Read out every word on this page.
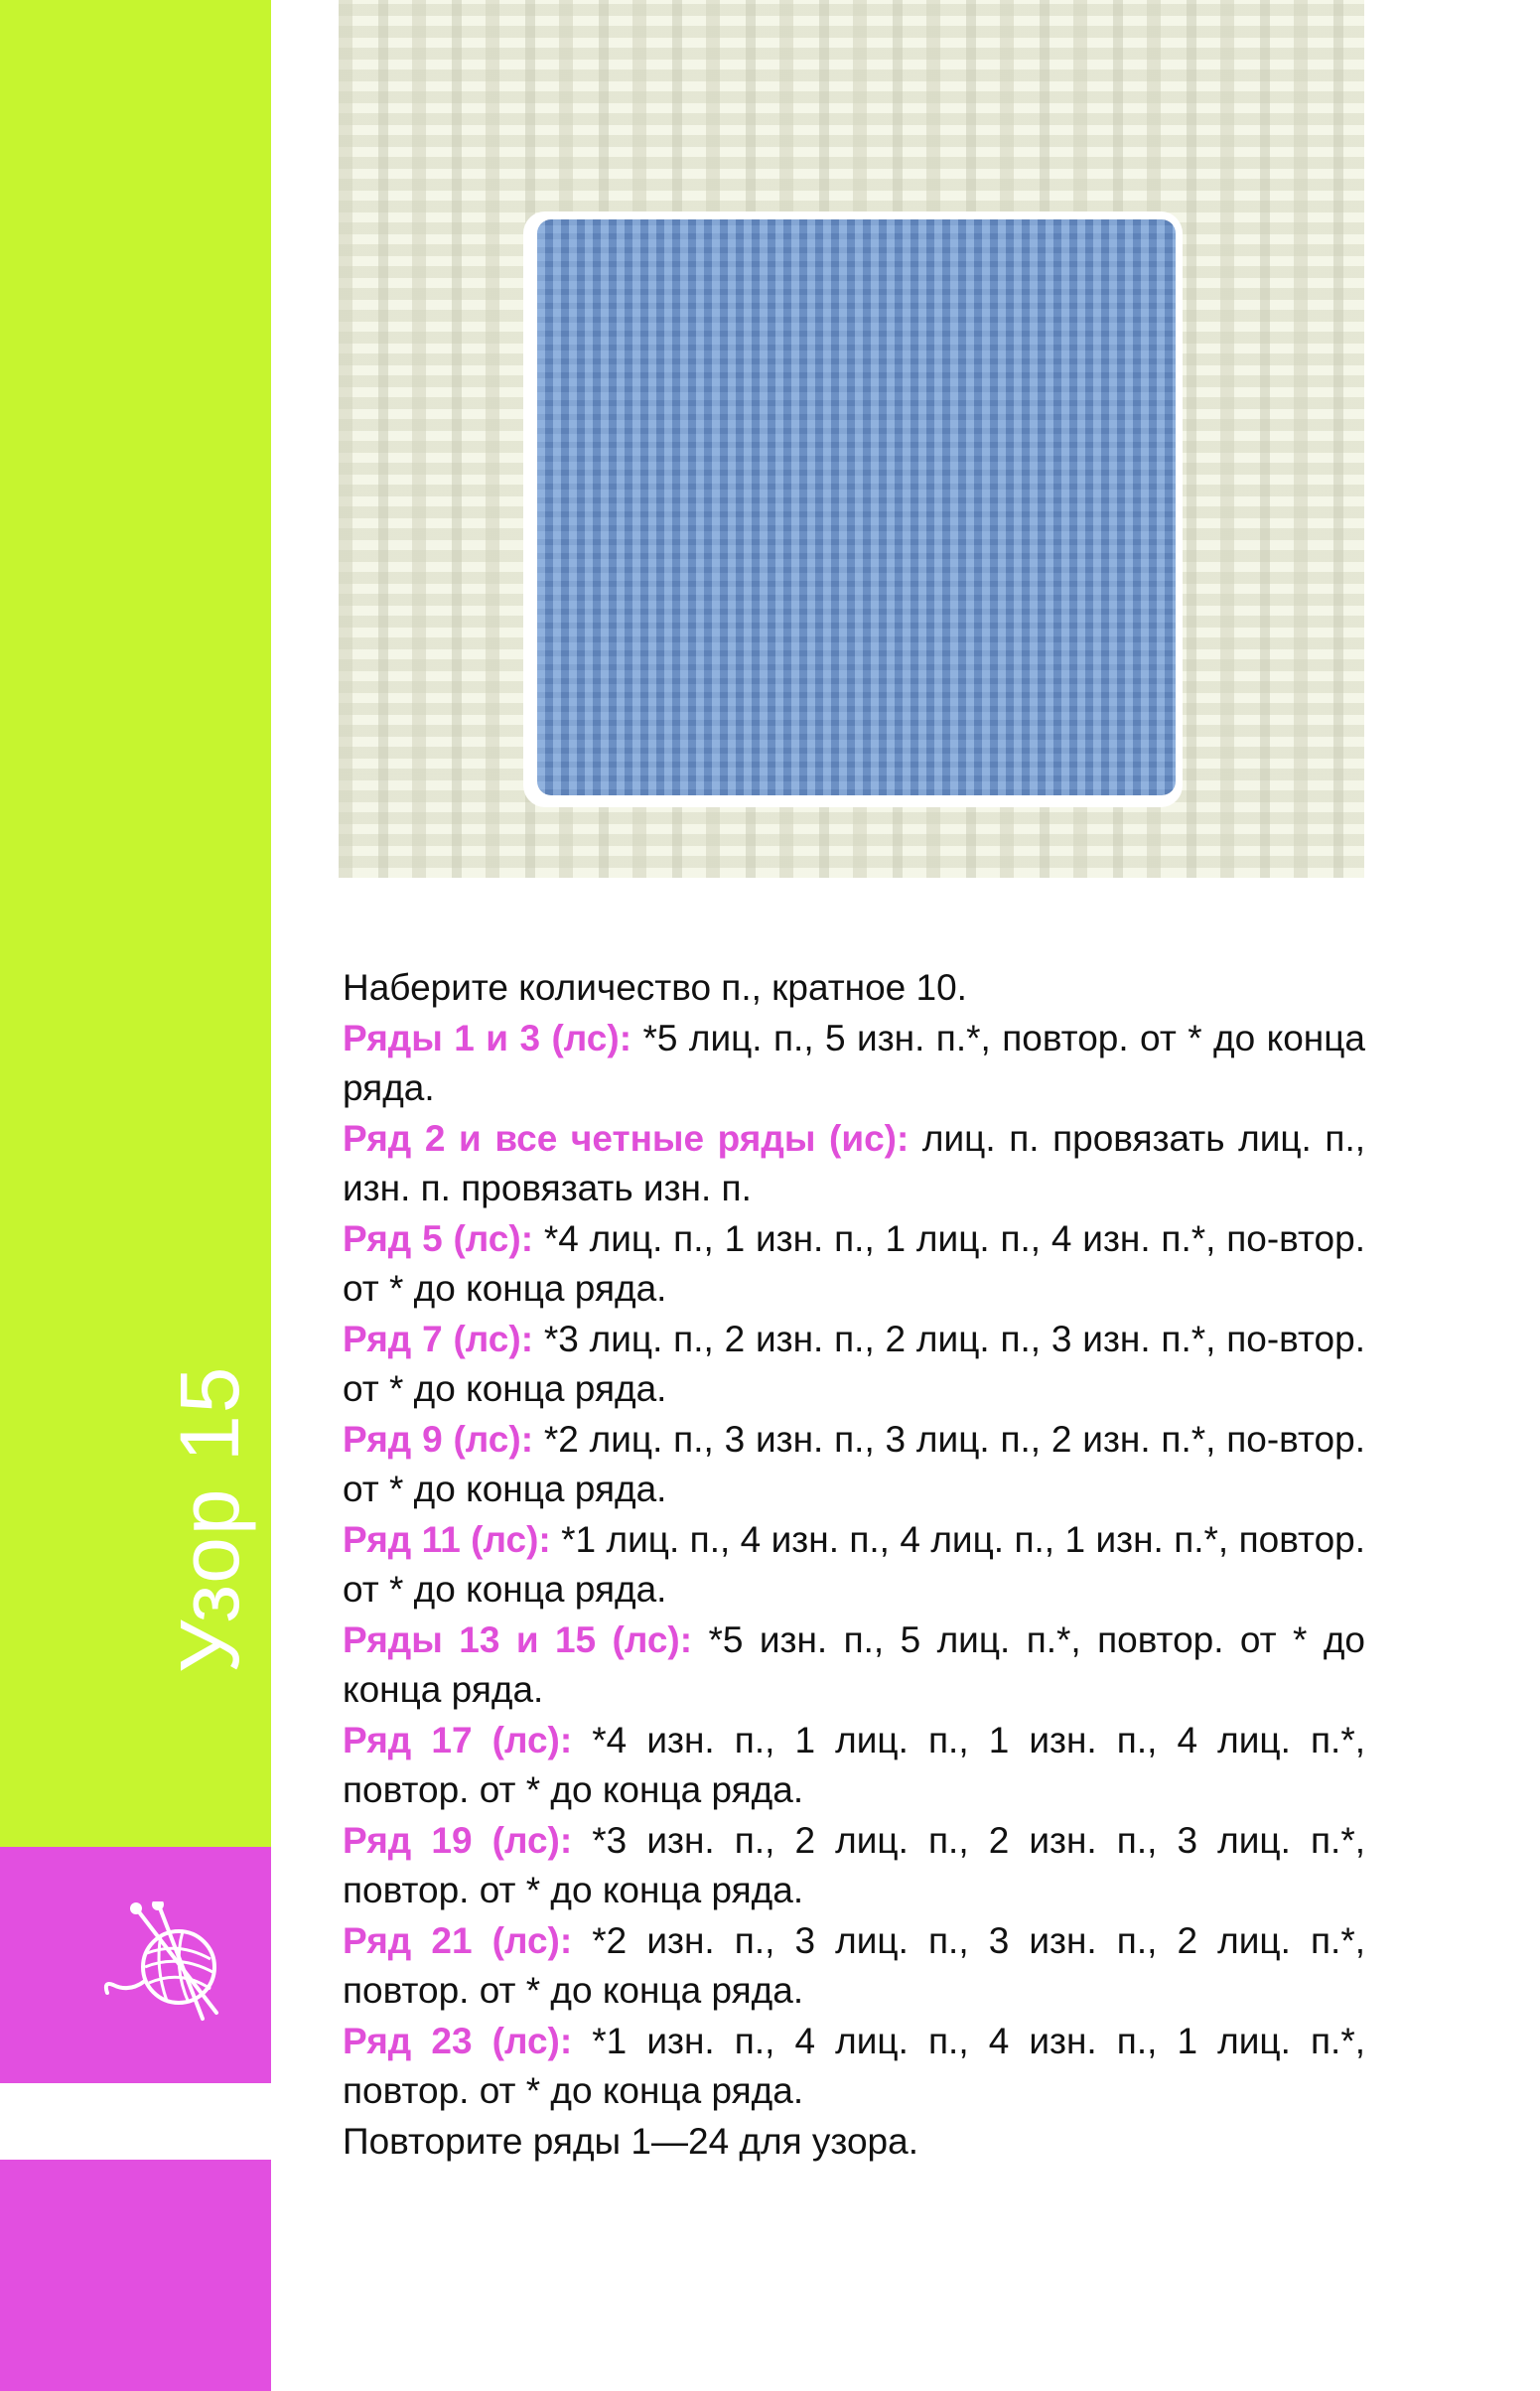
Узор 15
36

Наберите количество п., кратное 10.

Ряды 1 и 3 (лс): *5 лиц. п., 5 изн. п.*, повтор. от * до конца ряда.

Ряд 2 и все четные ряды (ис): лиц. п. провязать лиц. п., изн. п. провязать изн. п.

Ряд 5 (лс): *4 лиц. п., 1 изн. п., 1 лиц. п., 4 изн. п.*, по-втор. от * до конца ряда.

Ряд 7 (лс): *3 лиц. п., 2 изн. п., 2 лиц. п., 3 изн. п.*, по-втор. от * до конца ряда.

Ряд 9 (лс): *2 лиц. п., 3 изн. п., 3 лиц. п., 2 изн. п.*, по-втор. от * до конца ряда.

Ряд 11 (лс): *1 лиц. п., 4 изн. п., 4 лиц. п., 1 изн. п.*, повтор. от * до конца ряда.

Ряды 13 и 15 (лс): *5 изн. п., 5 лиц. п.*, повтор. от * до конца ряда.

Ряд 17 (лс): *4 изн. п., 1 лиц. п., 1 изн. п., 4 лиц. п.*, повтор. от * до конца ряда.

Ряд 19 (лс): *3 изн. п., 2 лиц. п., 2 изн. п., 3 лиц. п.*, повтор. от * до конца ряда.

Ряд 21 (лс): *2 изн. п., 3 лиц. п., 3 изн. п., 2 лиц. п.*, повтор. от * до конца ряда.

Ряд 23 (лс): *1 изн. п., 4 лиц. п., 4 изн. п., 1 лиц. п.*, повтор. от * до конца ряда.

Повторите ряды 1—24 для узора.
